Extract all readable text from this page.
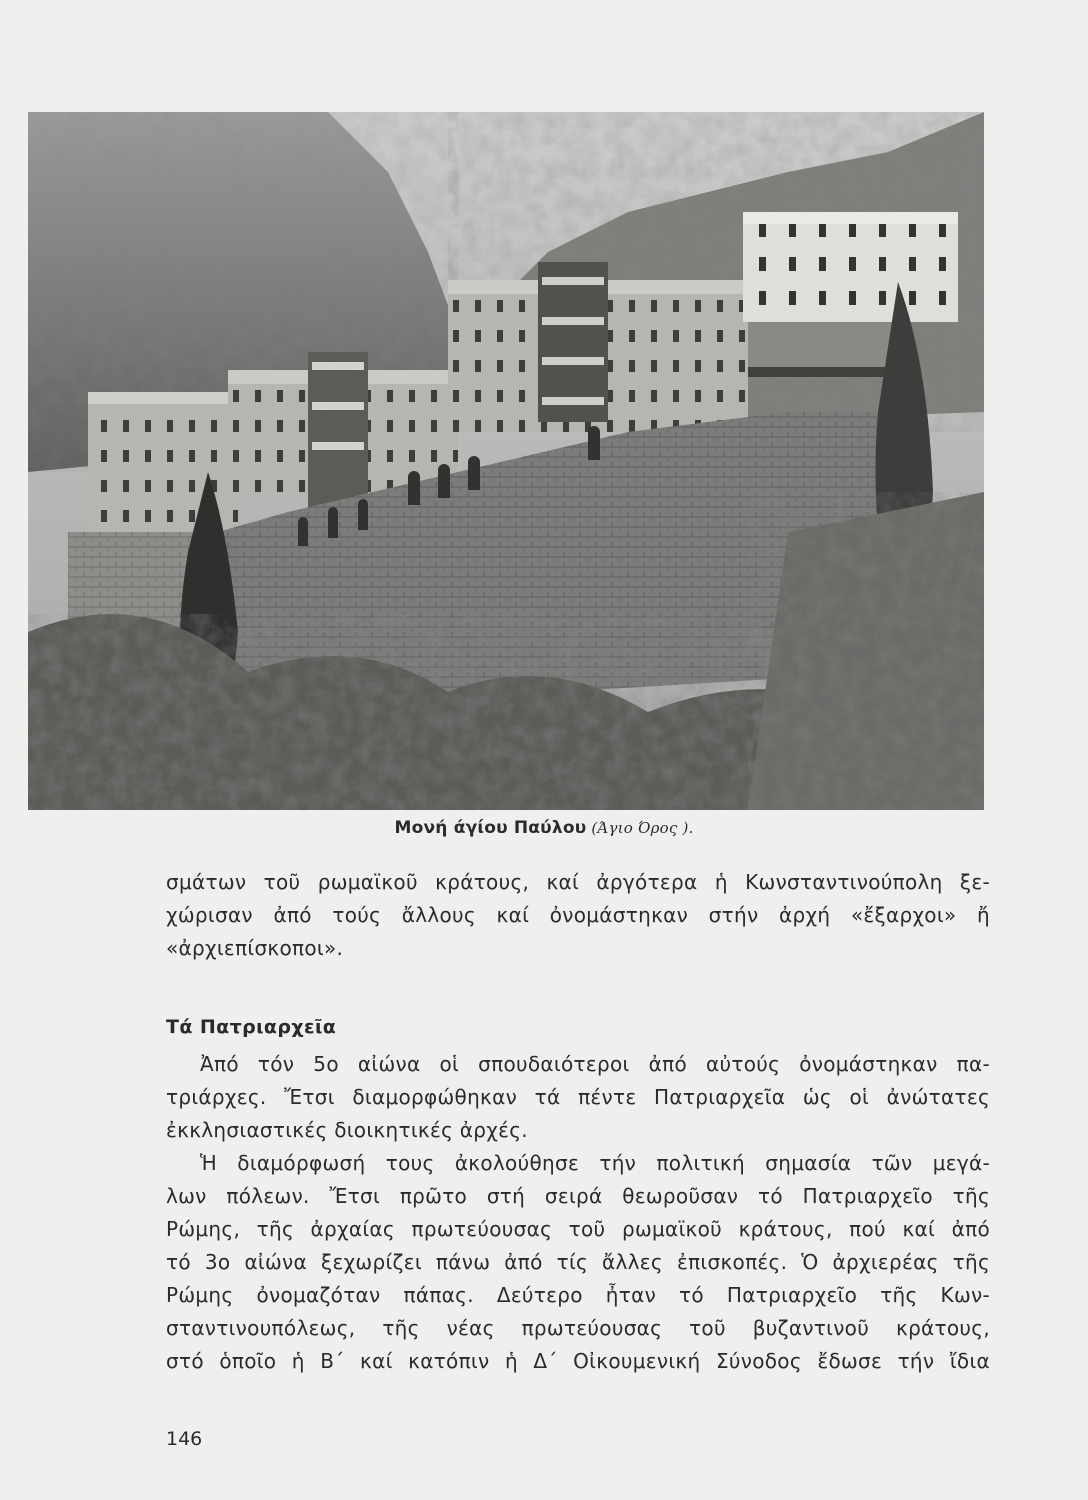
Μονή άγίου Παύλου (Άγιο Όρος ).
σμάτων τοῦ ρωμαϊκοῦ κράτους, καί ἀργότερα ἡ Κωνσταντινούπολη ξε-
χώρισαν ἀπό τούς ἄλλους καί ὀνομάστηκαν στήν ἀρχή «ἔξαρχοι» ἤ
«ἀρχιεπίσκοποι».
Τά Πατριαρχεῖα
Ἀπό τόν 5ο αἰώνα οἱ σπουδαιότεροι ἀπό αὐτούς ὀνομάστηκαν πα-
τριάρχες. Ἔτσι διαμορφώθηκαν τά πέντε Πατριαρχεῖα ὡς οἱ ἀνώτατες
ἐκκλησιαστικές διοικητικές ἀρχές.
Ἡ διαμόρφωσή τους ἀκολούθησε τήν πολιτική σημασία τῶν μεγά-
λων πόλεων. Ἔτσι πρῶτο στή σειρά θεωροῦσαν τό Πατριαρχεῖο τῆς
Ρώμης, τῆς ἀρχαίας πρωτεύουσας τοῦ ρωμαϊκοῦ κράτους, πού καί ἀπό
τό 3ο αἰώνα ξεχωρίζει πάνω ἀπό τίς ἄλλες ἐπισκοπές. Ὁ ἀρχιερέας τῆς
Ρώμης ὀνομαζόταν πάπας. Δεύτερο ἦταν τό Πατριαρχεῖο τῆς Κων-
σταντινουπόλεως, τῆς νέας πρωτεύουσας τοῦ βυζαντινοῦ κράτους,
στό ὁποῖο ἡ Β΄ καί κατόπιν ἡ Δ΄ Οἰκουμενική Σύνοδος ἔδωσε τήν ἴδια
146
